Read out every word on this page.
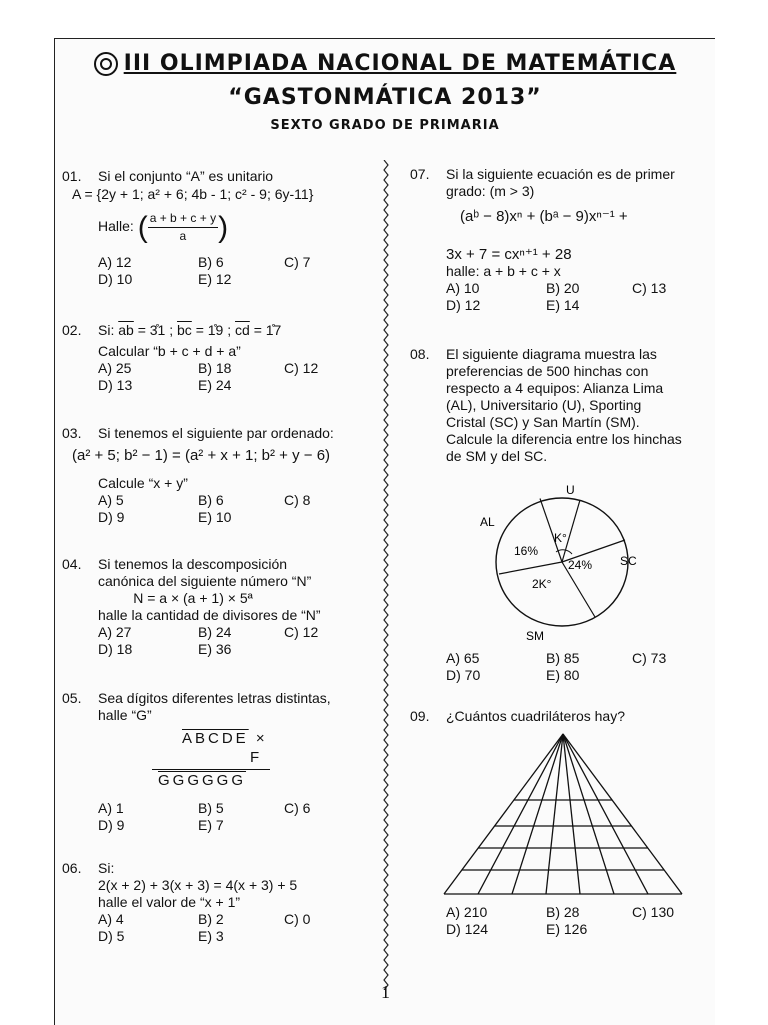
III OLIMPIADA NACIONAL DE MATEMÁTICA
“GASTONMÁTICA 2013”
SEXTO GRADO DE PRIMARIA
01. Si el conjunto “A” es unitario
A = {2y + 1; a² + 6; 4b - 1; c² - 9; 6y-11}
Halle: ( $\frac{a + b + c + y}{a}$ )
A) 12	B) 6	C) 7
D) 10	E) 12
02. Si: $\overline{ab}$ = 3̊1 ; $\overline{bc}$ = 1̊9 ; $\overline{cd}$ = 1̊7
Calcular “b + c + d + a”
A) 25	B) 18	C) 12
D) 13	E) 24
03. Si tenemos el siguiente par ordenado:
(a² + 5; b² − 1) = (a² + x + 1; b² + y − 6)
Calcule “x + y”
A) 5	B) 6	C) 8
D) 9	E) 10
04. Si tenemos la descomposición
canónica del siguiente número “N”
N = a × (a + 1) × 5ª
halle la cantidad de divisores de “N”
A) 27	B) 24	C) 12
D) 18	E) 36
05. Sea dígitos diferentes letras distintas,
halle “G”
ABCDE ×
F
GGGGGG
A) 1	B) 5	C) 6
D) 9	E) 7
06. Si:
2(x + 2) + 3(x + 3) = 4(x + 3) + 5
halle el valor de “x + 1”
A) 4	B) 2	C) 0
D) 5	E) 3
07. Si la siguiente ecuación es de primer
grado: (m > 3)
(aᵇ − 8)xⁿ + (bᵃ − 9)xⁿ⁻¹ +
3x + 7 = cxⁿ⁺¹ + 28
halle: a + b + c + x
A) 10	B) 20	C) 13
D) 12	E) 14
08. El siguiente diagrama muestra las
preferencias de 500 hinchas con
respecto a 4 equipos: Alianza Lima
(AL), Universitario (U), Sporting
Cristal (SC) y San Martín (SM).
Calcule la diferencia entre los hinchas
de SM y del SC.
U
AL
SC
SM
16%
K°
24%
2K°
A) 65	B) 85	C) 73
D) 70	E) 80
09. ¿Cuántos cuadriláteros hay?
A) 210	B) 28	C) 130
D) 124	E) 126
1
